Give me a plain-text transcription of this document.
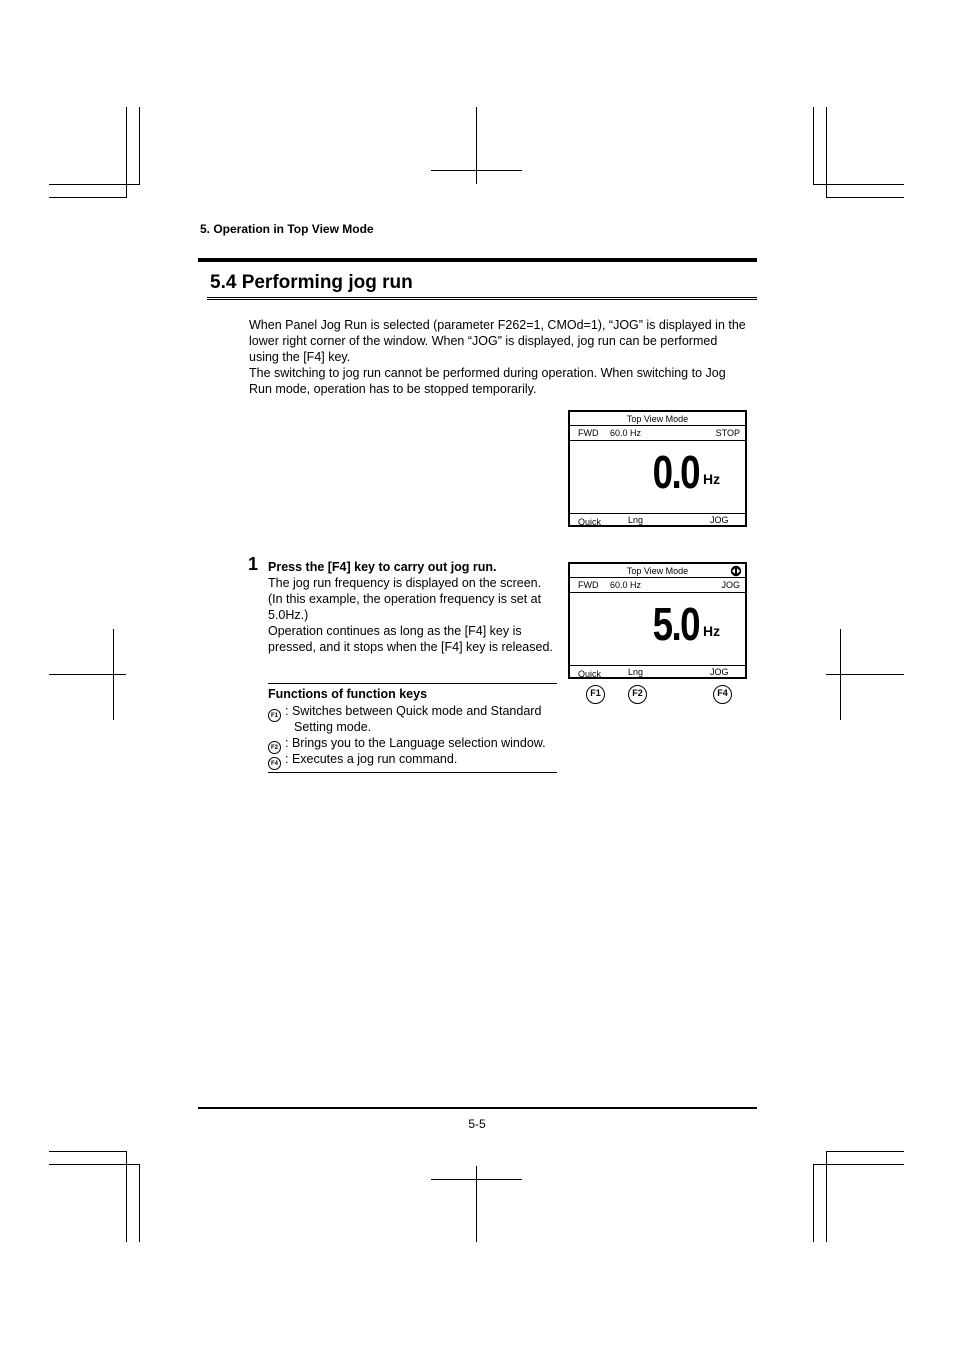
5. Operation in Top View Mode
5.4 Performing jog run

When Panel Jog Run is selected (parameter F262=1, CMOd=1), “JOG” is displayed in the lower right corner of the window. When “JOG” is displayed, jog run can be performed using the [F4] key.

The switching to jog run cannot be performed during operation. When switching to Jog Run mode, operation has to be stopped temporarily.

Top View Mode
FWD 60.0 Hz	STOP
0.0 Hz
Quick	Lng	JOG
1 Press the [F4] key to carry out jog run.

The jog run frequency is displayed on the screen. (In this example, the operation frequency is set at 5.0Hz.)

Operation continues as long as the [F4] key is pressed, and it stops when the [F4] key is released.

Top View Mode
FWD 60.0 Hz	JOG
5.0 Hz
Quick	Lng	JOG
F1	F2	F4
Functions of function keys
F1 : Switches between Quick mode and Standard
Setting mode.
F2 : Brings you to the Language selection window.
F4 : Executes a jog run command.
5-5
